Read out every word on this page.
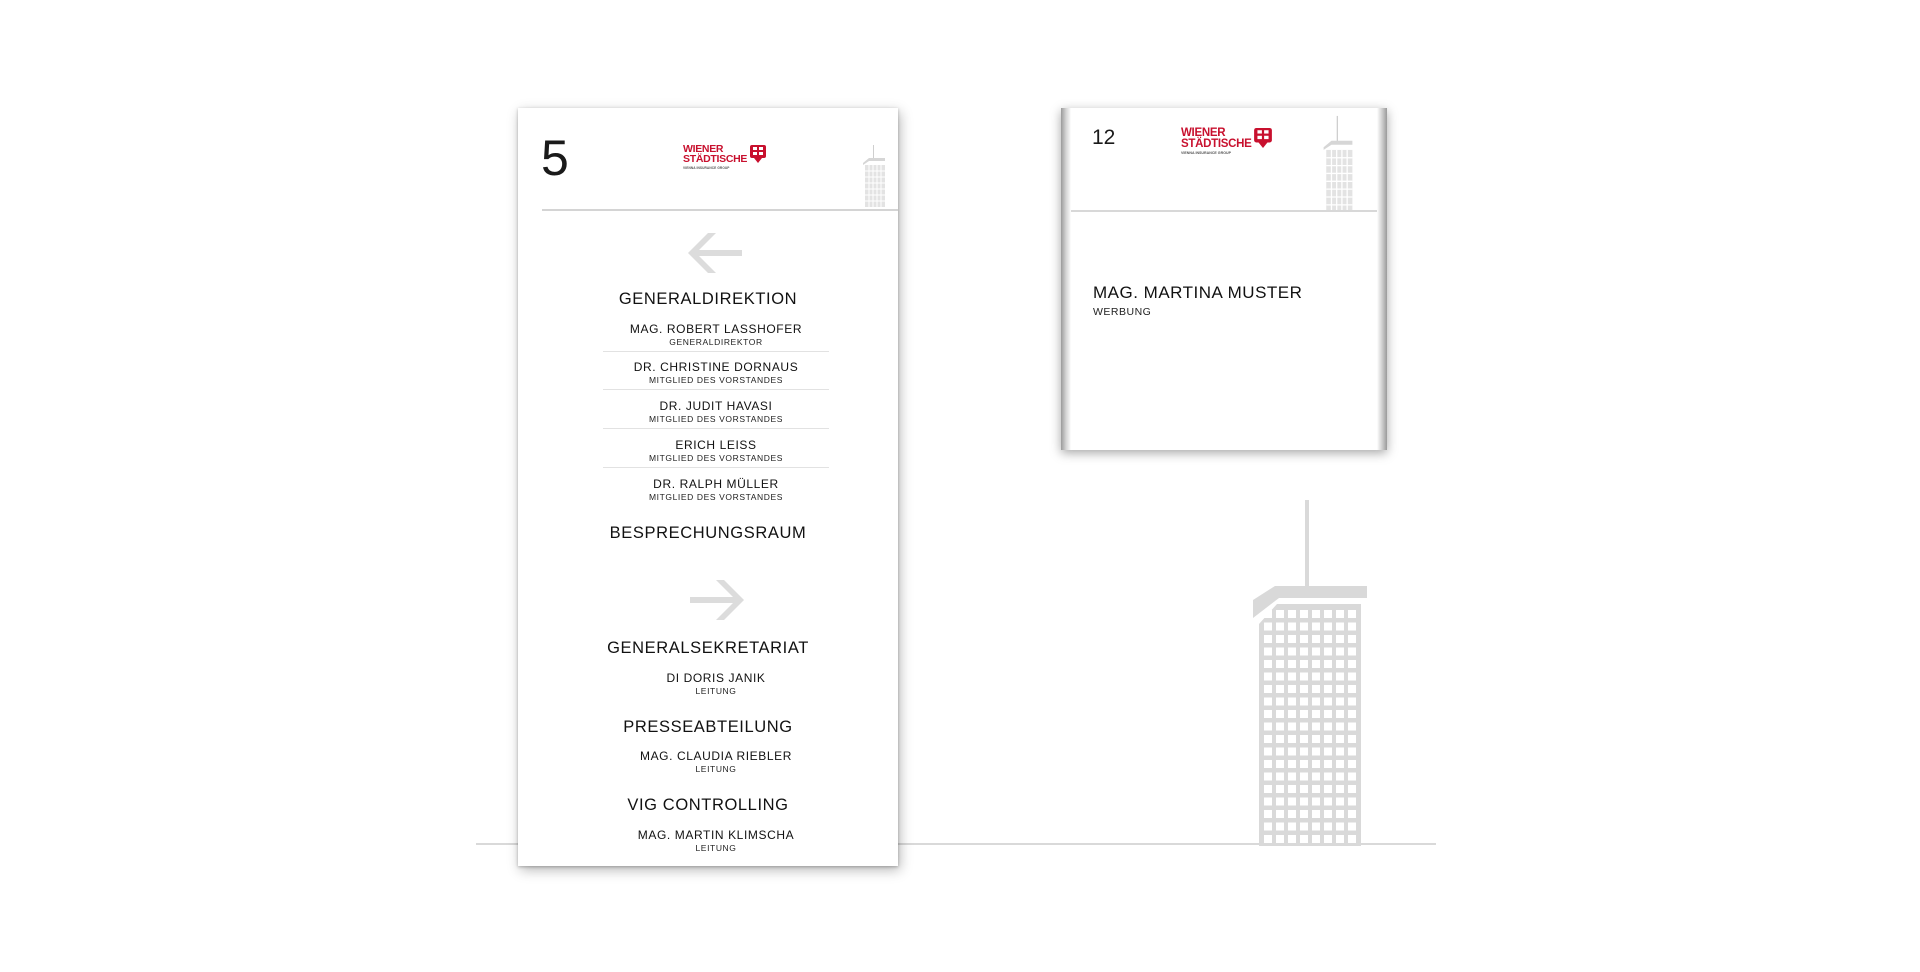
5	WIENER
STÄDTISCHE
VIENNA INSURANCE GROUP
GENERALDIREKTION
MAG. ROBERT LASSHOFER
GENERALDIREKTOR
DR. CHRISTINE DORNAUS
MITGLIED DES VORSTANDES
DR. JUDIT HAVASI
MITGLIED DES VORSTANDES
ERICH LEISS
MITGLIED DES VORSTANDES
DR. RALPH MÜLLER
MITGLIED DES VORSTANDES
BESPRECHUNGSRAUM
GENERALSEKRETARIAT
DI DORIS JANIK
LEITUNG
PRESSEABTEILUNG
MAG. CLAUDIA RIEBLER
LEITUNG
VIG CONTROLLING
MAG. MARTIN KLIMSCHA
LEITUNG
12	WIENER
STÄDTISCHE
VIENNA INSURANCE GROUP
MAG. MARTINA MUSTER
WERBUNG
